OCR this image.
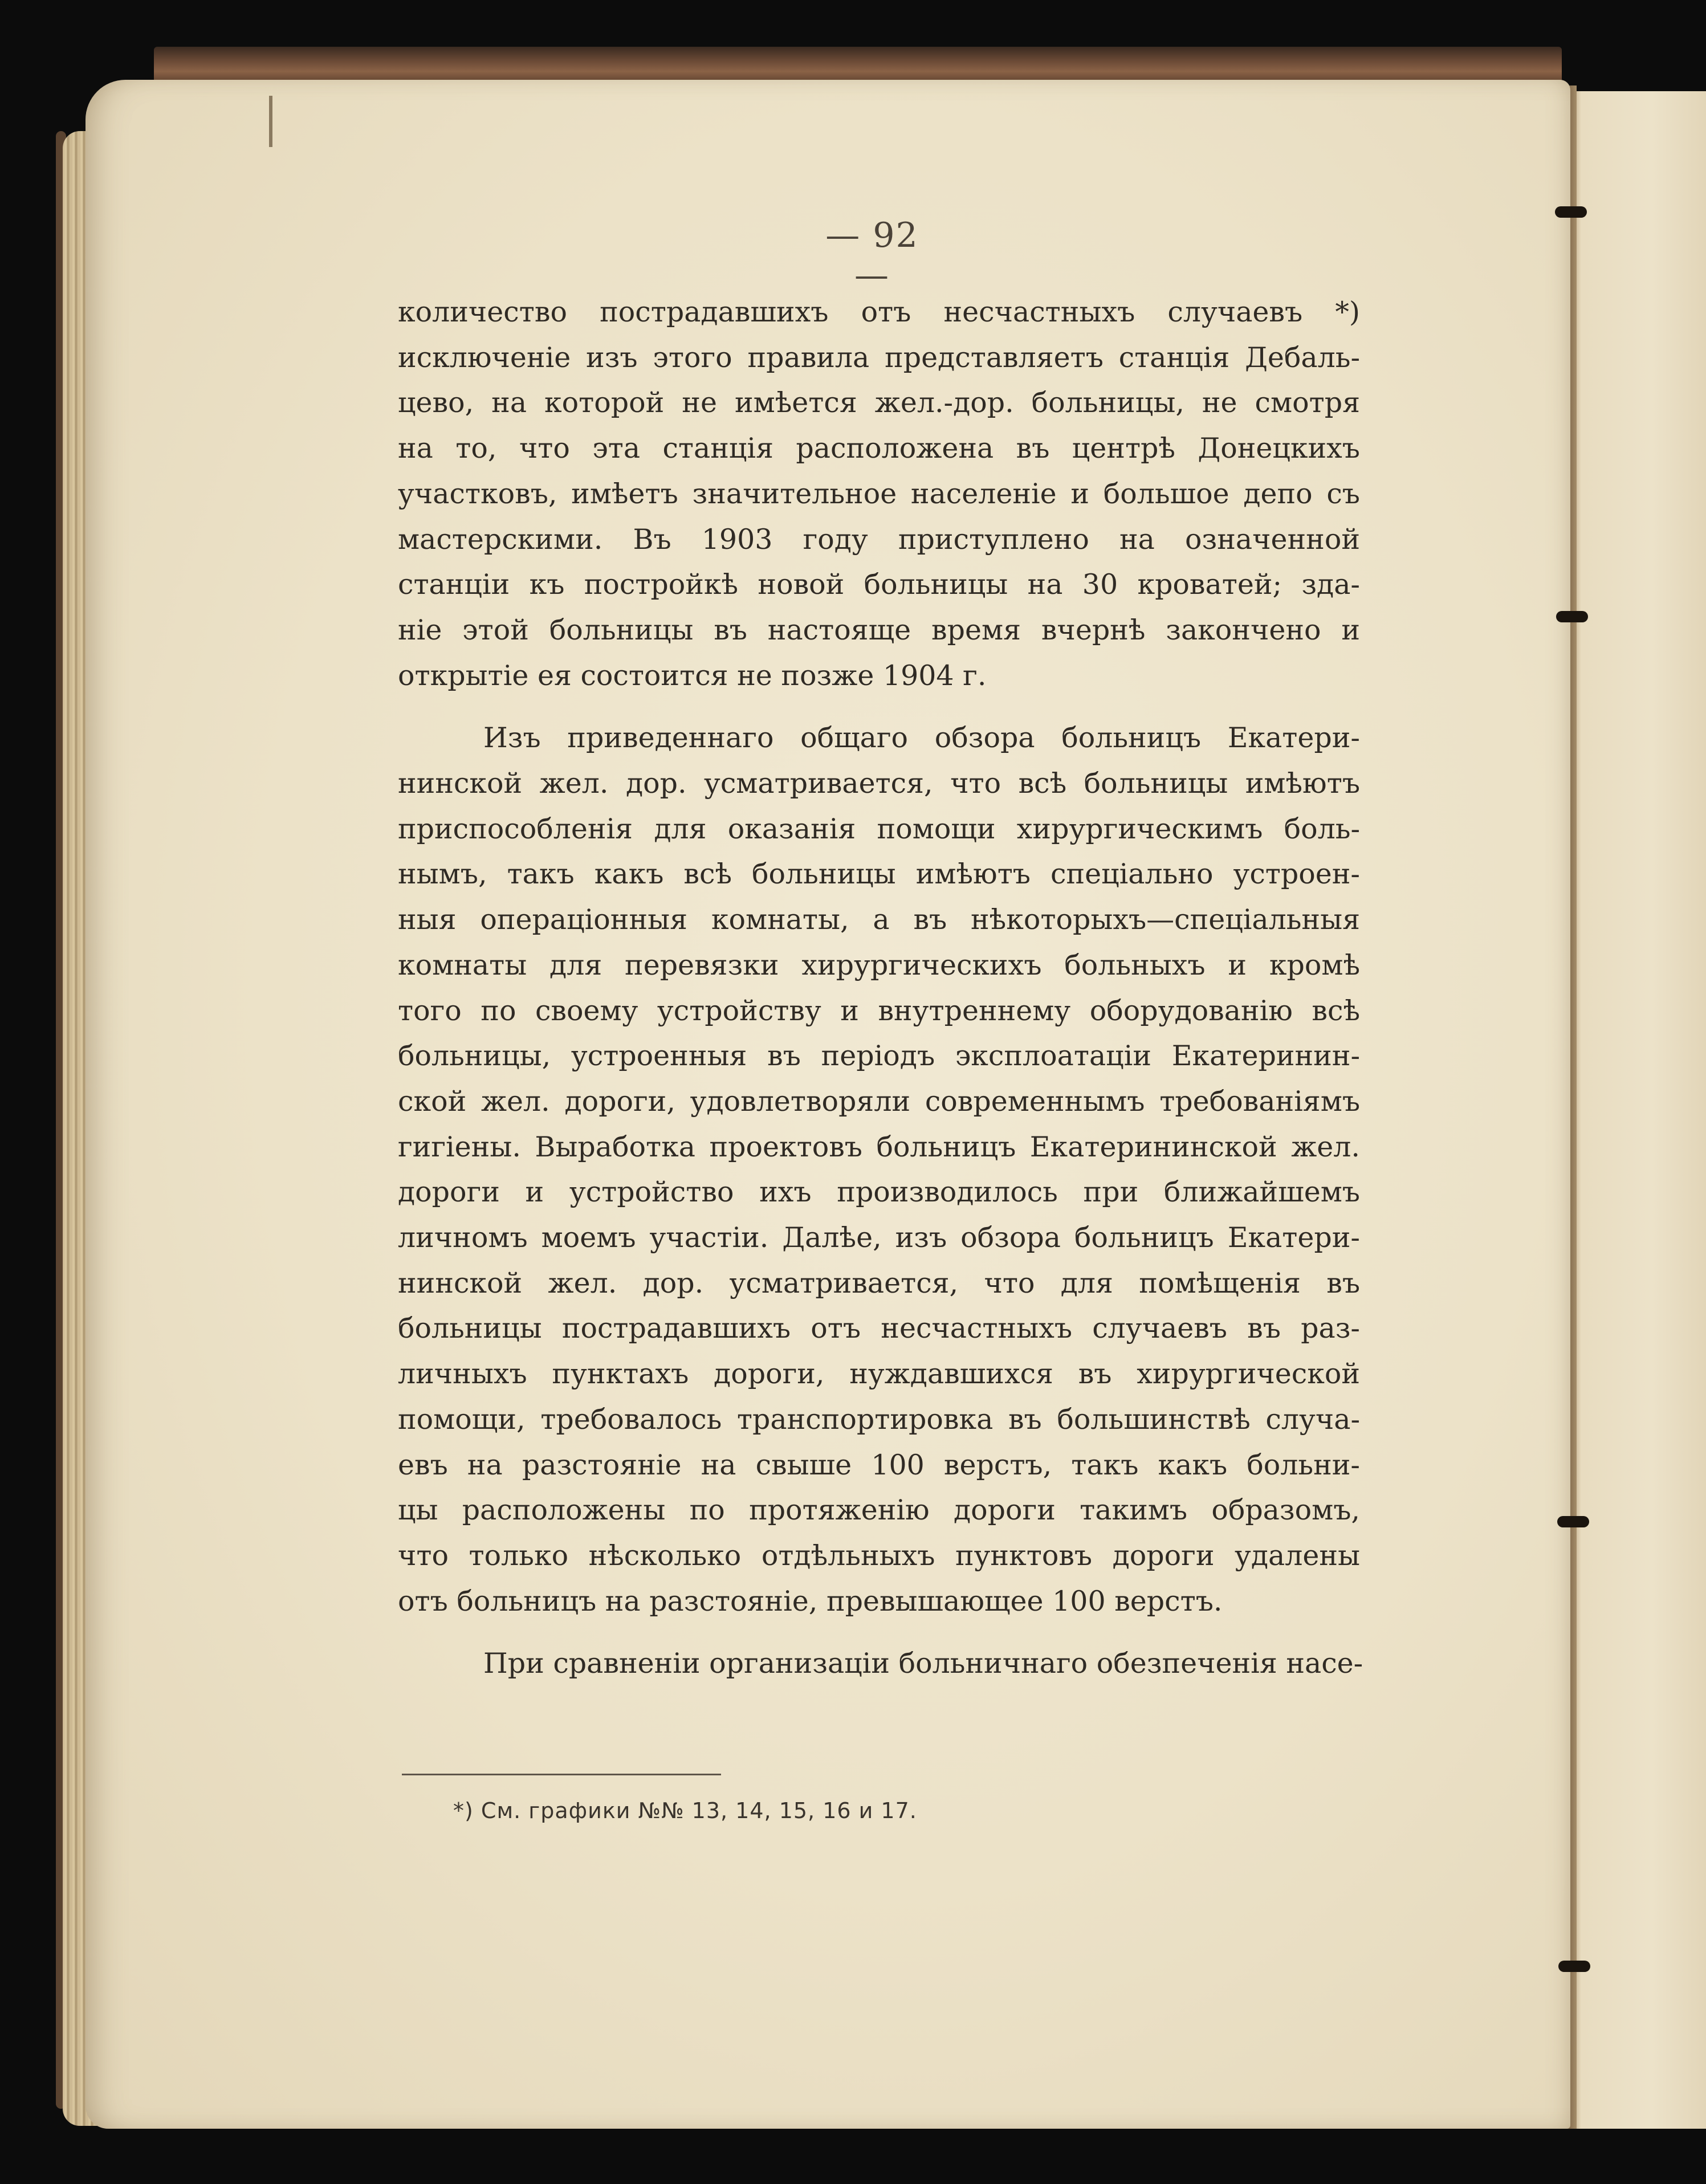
— 92 —
количество пострадавшихъ отъ несчастныхъ случаевъ *)
исключеніе изъ этого правила представляетъ станція Дебаль-
цево, на которой не имѣется жел.-дор. больницы, не смотря
на то, что эта станція расположена въ центрѣ Донецкихъ
участковъ, имѣетъ значительное населеніе и большое депо съ
мастерскими. Въ 1903 году приступлено на означенной
станціи къ постройкѣ новой больницы на 30 кроватей; зда-
ніе этой больницы въ настояще время вчернѣ закончено и
открытіе ея состоится не позже 1904 г.
Изъ приведеннаго общаго обзора больницъ Екатери-
нинской жел. дор. усматривается, что всѣ больницы имѣютъ
приспособленія для оказанія помощи хирургическимъ боль-
нымъ, такъ какъ всѣ больницы имѣютъ спеціально устроен-
ныя операціонныя комнаты, а въ нѣкоторыхъ—спеціальныя
комнаты для перевязки хирургическихъ больныхъ и кромѣ
того по своему устройству и внутреннему оборудованію всѣ
больницы, устроенныя въ періодъ эксплоатаціи Екатеринин-
ской жел. дороги, удовлетворяли современнымъ требованіямъ
гигіены. Выработка проектовъ больницъ Екатерининской жел.
дороги и устройство ихъ производилось при ближайшемъ
личномъ моемъ участіи. Далѣе, изъ обзора больницъ Екатери-
нинской жел. дор. усматривается, что для помѣщенія въ
больницы пострадавшихъ отъ несчастныхъ случаевъ въ раз-
личныхъ пунктахъ дороги, нуждавшихся въ хирургической
помощи, требовалось транспортировка въ большинствѣ случа-
евъ на разстояніе на свыше 100 верстъ, такъ какъ больни-
цы расположены по протяженію дороги такимъ образомъ,
что только нѣсколько отдѣльныхъ пунктовъ дороги удалены
отъ больницъ на разстояніе, превышающее 100 верстъ.
При сравненіи организаціи больничнаго обезпеченія насе-
*) См. графики №№ 13, 14, 15, 16 и 17.
